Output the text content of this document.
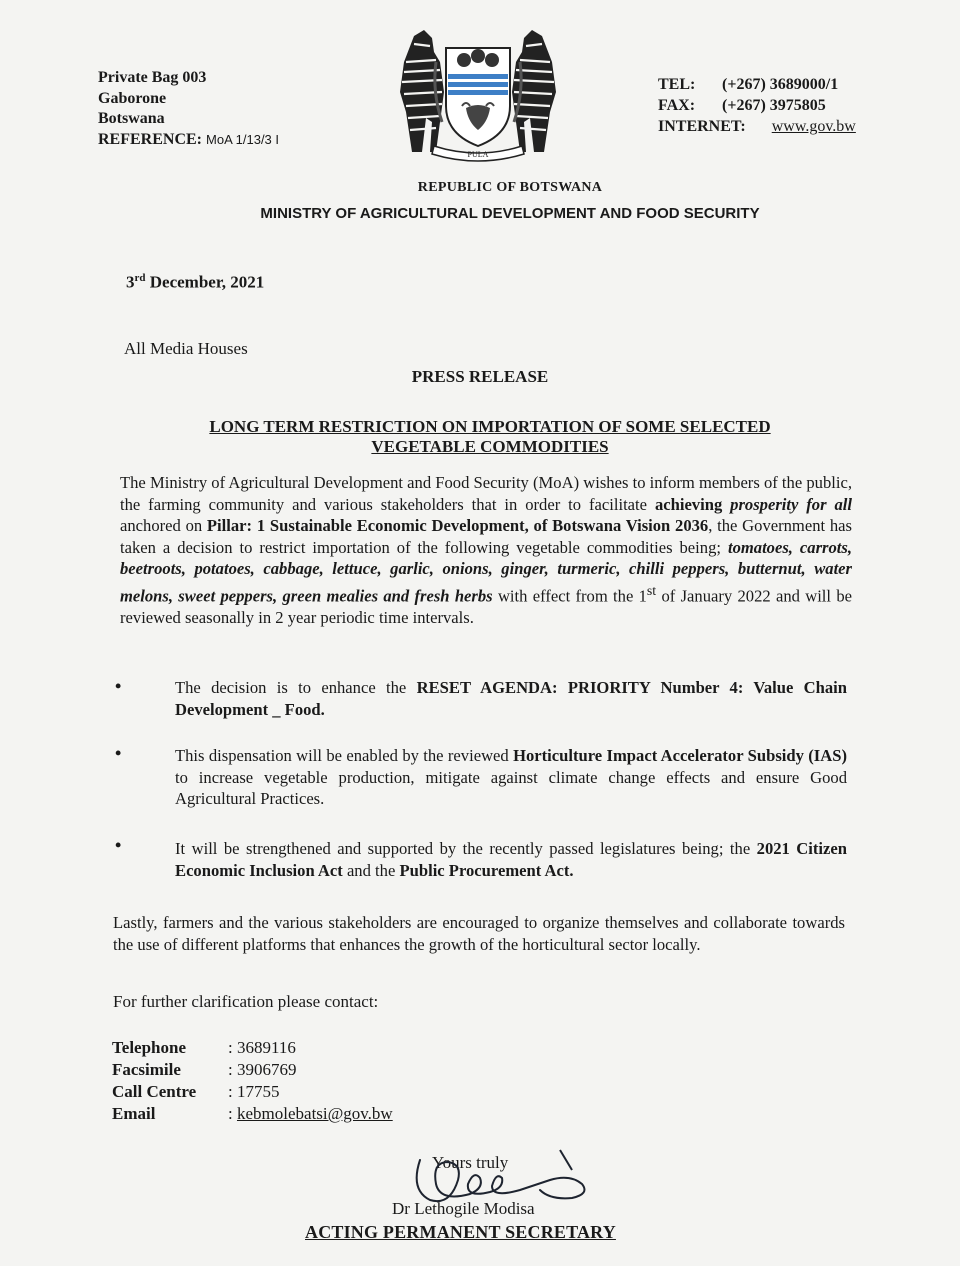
Private Bag 003
Gaborone
Botswana
REFERENCE: MoA 1/13/3 I
PULA
TEL: (+267) 3689000/1
FAX: (+267) 3975805
INTERNET: www.gov.bw
REPUBLIC OF BOTSWANA
MINISTRY OF AGRICULTURAL DEVELOPMENT AND FOOD SECURITY
3rd December, 2021
All Media Houses
PRESS RELEASE
LONG TERM RESTRICTION ON IMPORTATION OF SOME SELECTED
VEGETABLE COMMODITIES
The Ministry of Agricultural Development and Food Security (MoA) wishes to inform members of the public, the farming community and various stakeholders that in order to facilitate achieving prosperity for all anchored on Pillar: 1 Sustainable Economic Development, of Botswana Vision 2036, the Government has taken a decision to restrict importation of the following vegetable commodities being; tomatoes, carrots, beetroots, potatoes, cabbage, lettuce, garlic, onions, ginger, turmeric, chilli peppers, butternut, water melons, sweet peppers, green mealies and fresh herbs with effect from the 1st of January 2022 and will be reviewed seasonally in 2 year periodic time intervals.
•	The decision is to enhance the RESET AGENDA: PRIORITY Number 4: Value Chain Development _ Food.
•	This dispensation will be enabled by the reviewed Horticulture Impact Accelerator Subsidy (IAS) to increase vegetable production, mitigate against climate change effects and ensure Good Agricultural Practices.
•	It will be strengthened and supported by the recently passed legislatures being; the 2021 Citizen Economic Inclusion Act and the Public Procurement Act.
Lastly, farmers and the various stakeholders are encouraged to organize themselves and collaborate towards the use of different platforms that enhances the growth of the horticultural sector locally.
For further clarification please contact:
Telephone : 3689116
Facsimile	: 3906769
Call Centre : 17755
Email	: kebmolebatsi@gov.bw
Yours truly
Dr Lethogile Modisa
ACTING PERMANENT SECRETARY
